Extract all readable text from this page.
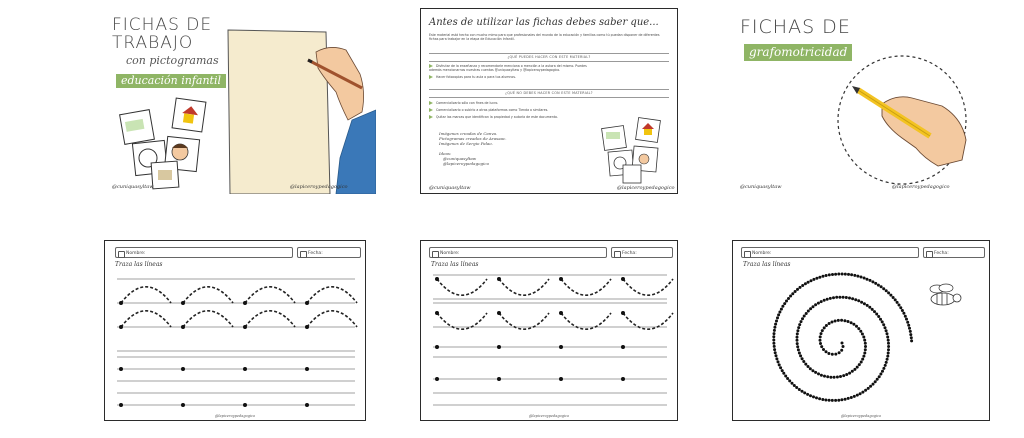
FICHAS DE
TRABAJO
con pictogramas
educación infantil
@cuniquasyltaw	@lapiceroypedagogico
Antes de utilizar las fichas debes saber que...
Este material está hecho con mucho mimo para que profesionales del mundo de la educación y familias como tú puedan disponer de diferentes fichas para trabajar en la etapa de Educación Infantil.
¿QUÉ PUEDES HACER CON ESTE MATERIAL?
Disfrutar de la enseñanza y recomendarle menciona o mención a la autora del mismo. Puedes además mencionarnos nuestras cuentas @uniquasyltaw y @lapiceroypedagogico.
Hacer fotocopias para tu aula o para tus alumnos.
¿QUÉ NO DEBES HACER CON ESTE MATERIAL?
Comercializarlo sólo con fines de lucro.
Comercializarlo o subirlo a otras plataformas como Tienda o similares.
Quitar las marcas que identifican la propiedad y autoría de este documento.
Imágenes creadas de Canva.
Pictogramas creados de Arasaac.
Imágenes de Sergio Palao.
Ideas:
@cuniquasyltaw
@lapiceroypedagogico
@cuniquasyltaw	@lapiceroypedagogico
FICHAS DE
grafomotricidad
@cuniquasyltaw	@lapiceroypedagogico
Nombre:	Fecha:
Traza las líneas
@lapiceroypedagogico
Nombre:	Fecha:
Traza las líneas
@lapiceroypedagogico
Nombre:	Fecha:
Traza las líneas
@lapiceroypedagogico
